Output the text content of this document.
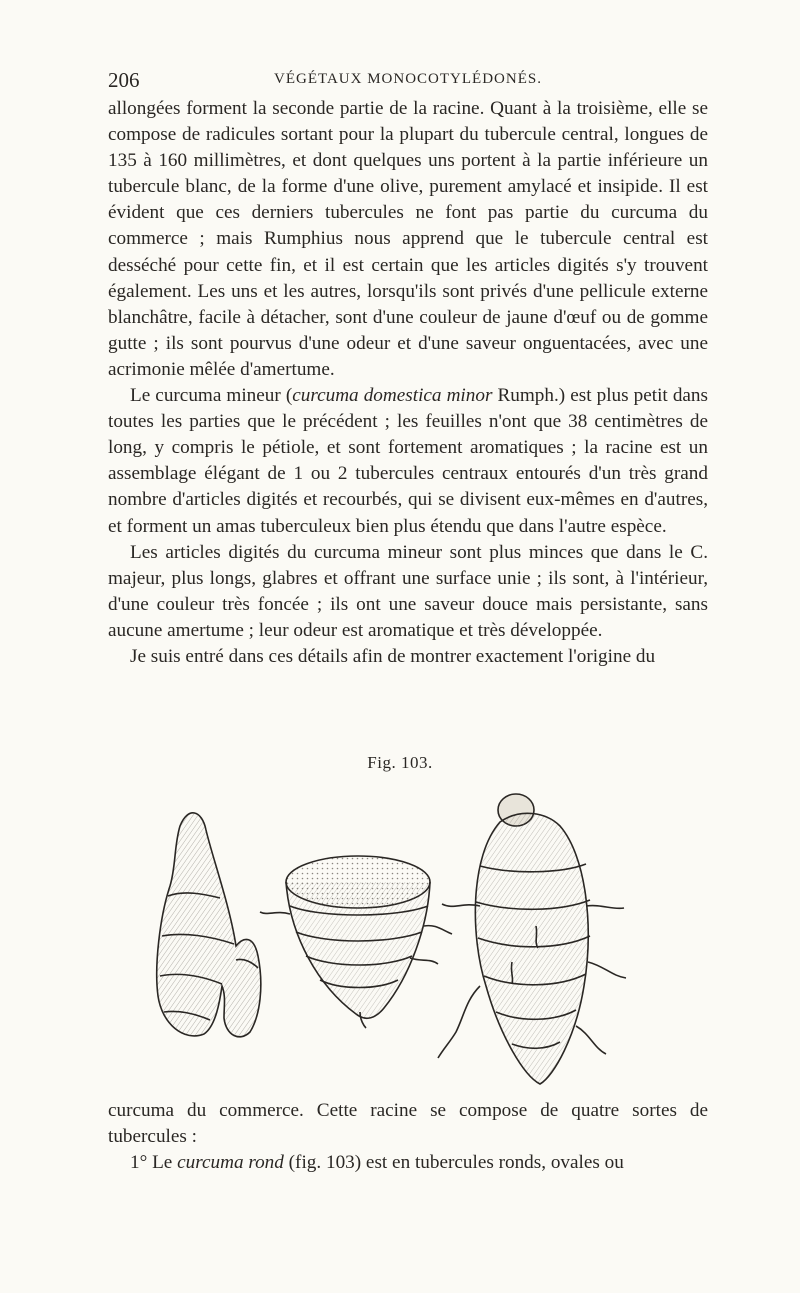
206	VÉGÉTAUX MONOCOTYLÉDONÉS.

allongées forment la seconde partie de la racine. Quant à la troisième, elle se compose de radicules sortant pour la plupart du tubercule central, longues de 135 à 160 millimètres, et dont quelques uns portent à la partie inférieure un tubercule blanc, de la forme d'une olive, purement amylacé et insipide. Il est évident que ces derniers tubercules ne font pas partie du curcuma du commerce ; mais Rumphius nous apprend que le tubercule central est desséché pour cette fin, et il est certain que les articles digités s'y trouvent également. Les uns et les autres, lorsqu'ils sont privés d'une pellicule externe blanchâtre, facile à détacher, sont d'une couleur de jaune d'œuf ou de gomme gutte ; ils sont pourvus d'une odeur et d'une saveur onguentacées, avec une acrimonie mêlée d'amertume.

Le curcuma mineur (curcuma domestica minor Rumph.) est plus petit dans toutes les parties que le précédent ; les feuilles n'ont que 38 centimètres de long, y compris le pétiole, et sont fortement aromatiques ; la racine est un assemblage élégant de 1 ou 2 tubercules centraux entourés d'un très grand nombre d'articles digités et recourbés, qui se divisent eux-mêmes en d'autres, et forment un amas tuberculeux bien plus étendu que dans l'autre espèce.

Les articles digités du curcuma mineur sont plus minces que dans le C. majeur, plus longs, glabres et offrant une surface unie ; ils sont, à l'intérieur, d'une couleur très foncée ; ils ont une saveur douce mais persistante, sans aucune amertume ; leur odeur est aromatique et très développée.

Je suis entré dans ces détails afin de montrer exactement l'origine du

Fig. 103.

curcuma du commerce. Cette racine se compose de quatre sortes de tubercules :

1° Le curcuma rond (fig. 103) est en tubercules ronds, ovales ou
